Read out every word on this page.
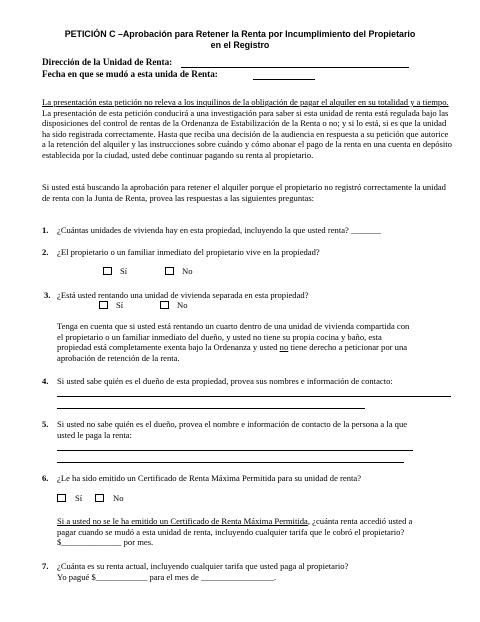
PETICIÓN C –Aprobación para Retener la Renta por Incumplimiento del Propietario
en el Registro
Dirección de la Unidad de Renta:
Fecha en que se mudó a esta unida de Renta:
La presentación esta petición no releva a los inquilinos de la obligación de pagar el alquiler en su totalidad y a tiempo. La presentación de esta petición conducirá a una investigación para saber si esta unidad de renta está regulada bajo las disposiciones del control de rentas de la Ordenanza de Estabilización de la Renta o no; y si lo está, si es que la unidad ha sido registrada correctamente. Hasta que reciba una decisión de la audiencia en respuesta a su petición que autorice a la retención del alquiler y las instrucciones sobre cuándo y cómo abonar el pago de la renta en una cuenta en depósito establecida por la ciudad, usted debe continuar pagando su renta al propietario.
Si usted está buscando la aprobación para retener el alquiler porque el propietario no registró correctamente la unidad de renta con la Junta de Renta, provea las respuestas a las siguientes preguntas:
1. ¿Cuántas unidades de vivienda hay en esta propiedad, incluyendo la que usted renta? _______
2. ¿El propietario o un familiar inmediato del propietario vive en la propiedad?
Sí	No
3. ¿Está usted rentando una unidad de vivienda separada en esta propiedad?
Sí	No
Tenga en cuenta que si usted está rentando un cuarto dentro de una unidad de vivienda compartida con el propietario o un familiar inmediato del dueño, y usted no tiene su propia cocina y baño, esta propiedad está completamente exenta bajo la Ordenanza y usted no tiene derecho a peticionar por una aprobación de retención de la renta.
4. Si usted sabe quién es el dueño de esta propiedad, provea sus nombres e información de contacto:
5. Si usted no sabe quién es el dueño, provea el nombre e información de contacto de la persona a la que usted le paga la renta:
6. ¿Le ha sido emitido un Certificado de Renta Máxima Permitida para su unidad de renta?
Sí	No
Si a usted no se le ha emitido un Certificado de Renta Máxima Permitida, ¿cuánta renta accedió usted a pagar cuando se mudó a esta unidad de renta, incluyendo cualquier tarifa que le cobró el propietario? $______________ por mes.
7. ¿Cuánta es su renta actual, incluyendo cualquier tarifa que usted paga al propietario?
Yo pagué $____________ para el mes de _________________.
